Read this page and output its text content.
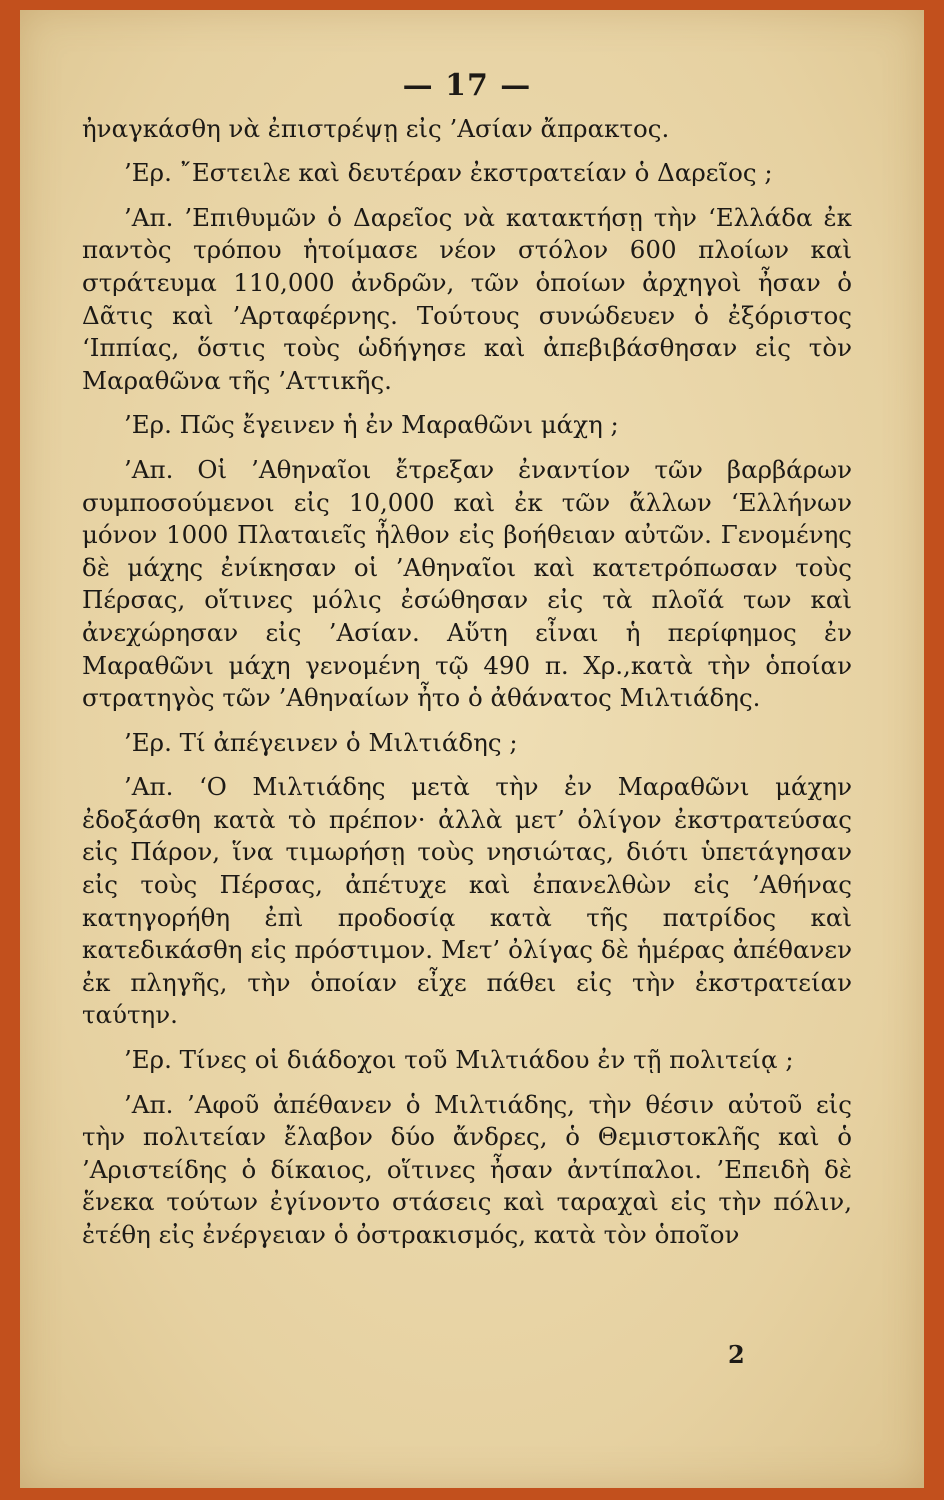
— 17 —

ἠναγκάσθη νὰ ἐπιστρέψῃ εἰς ’Ασίαν ἄπρακτος.

’Ερ. ῎Εστειλε καὶ δευτέραν ἐκστρατείαν ὁ Δαρεῖος ;

’Απ. ’Επιθυμῶν ὁ Δαρεῖος νὰ κατακτήσῃ τὴν ‘Ελλάδα ἐκ παντὸς τρόπου ἡτοίμασε νέον στόλον 600 πλοίων καὶ στράτευμα 110,000 ἀνδρῶν, τῶν ὁποίων ἀρχηγοὶ ἦσαν ὁ Δᾶτις καὶ ’Αρταφέρνης. Τούτους συνώδευεν ὁ ἐξόριστος ‘Ιππίας, ὅστις τοὺς ὡδήγησε καὶ ἀπεβιβάσθησαν εἰς τὸν Μαραθῶνα τῆς ’Αττικῆς.

’Ερ. Πῶς ἔγεινεν ἡ ἐν Μαραθῶνι μάχη ;

’Απ. Οἱ ’Αθηναῖοι ἔτρεξαν ἐναντίον τῶν βαρβάρων συμποσούμενοι εἰς 10,000 καὶ ἐκ τῶν ἄλλων ‘Ελλήνων μόνον 1000 Πλαταιεῖς ἦλθον εἰς βοήθειαν αὐτῶν. Γενομένης δὲ μάχης ἐνίκησαν οἱ ’Αθηναῖοι καὶ κατετρόπωσαν τοὺς Πέρσας, οἵτινες μόλις ἐσώθησαν εἰς τὰ πλοῖά των καὶ ἀνεχώρησαν εἰς ’Ασίαν. Αὕτη εἶναι ἡ περίφημος ἐν Μαραθῶνι μάχη γενομένη τῷ 490 π. Χρ.,κατὰ τὴν ὁποίαν στρατηγὸς τῶν ’Αθηναίων ἦτο ὁ ἀθάνατος Μιλτιάδης.

’Ερ. Τί ἀπέγεινεν ὁ Μιλτιάδης ;

’Απ. ‘Ο Μιλτιάδης μετὰ τὴν ἐν Μαραθῶνι μάχην ἐδοξάσθη κατὰ τὸ πρέπον· ἀλλὰ μετ’ ὀλίγον ἐκστρατεύσας εἰς Πάρον, ἵνα τιμωρήσῃ τοὺς νησιώτας, διότι ὑπετάγησαν εἰς τοὺς Πέρσας, ἀπέτυχε καὶ ἐπανελθὼν εἰς ’Αθήνας κατηγορήθη ἐπὶ προδοσίᾳ κατὰ τῆς πατρίδος καὶ κατεδικάσθη εἰς πρόστιμον. Μετ’ ὀλίγας δὲ ἡμέρας ἀπέθανεν ἐκ πληγῆς, τὴν ὁποίαν εἶχε πάθει εἰς τὴν ἐκστρατείαν ταύτην.

’Ερ. Τίνες οἱ διάδοχοι τοῦ Μιλτιάδου ἐν τῇ πολιτείᾳ ;

’Απ. ’Αφοῦ ἀπέθανεν ὁ Μιλτιάδης, τὴν θέσιν αὐτοῦ εἰς τὴν πολιτείαν ἔλαβον δύο ἄνδρες, ὁ Θεμιστοκλῆς καὶ ὁ ’Αριστείδης ὁ δίκαιος, οἵτινες ἦσαν ἀντίπαλοι. ’Επειδὴ δὲ ἕνεκα τούτων ἐγίνοντο στάσεις καὶ ταραχαὶ εἰς τὴν πόλιν, ἐτέθη εἰς ἐνέργειαν ὁ ὀστρακισμός, κατὰ τὸν ὁποῖον

2
